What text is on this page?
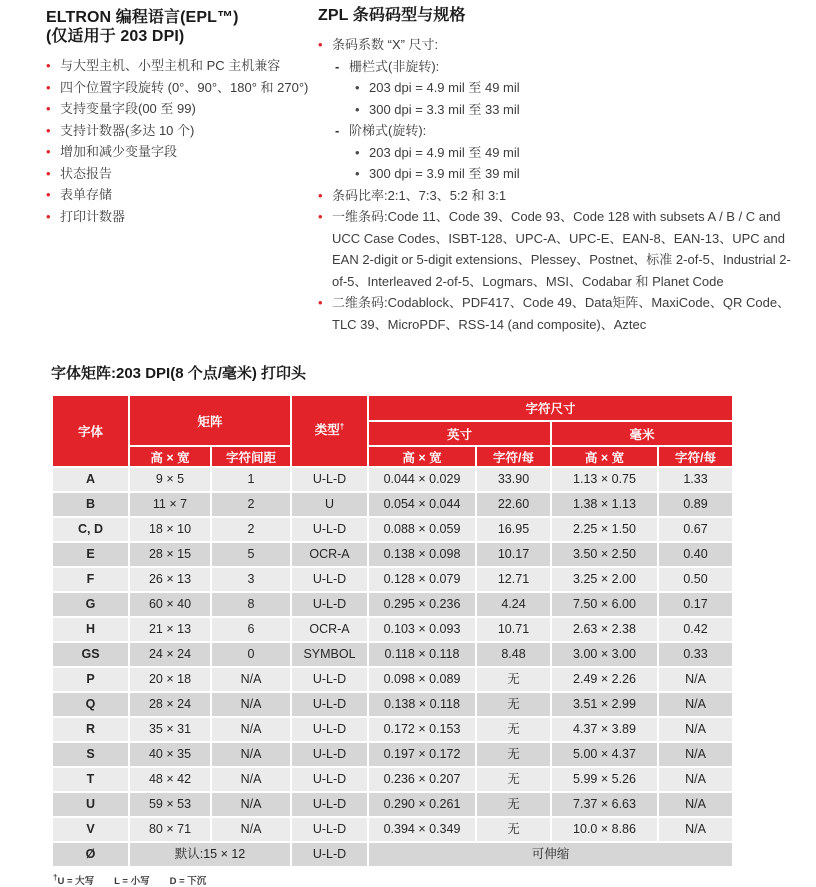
ELTRON 编程语言(EPL™)
(仅适用于 203 DPI)
• 与大型主机、小型主机和 PC 主机兼容
• 四个位置字段旋转 (0°、90°、180° 和 270°)
• 支持变量字段(00 至 99)
• 支持计数器(多达 10 个)
• 增加和减少变量字段
• 状态报告
• 表单存储
• 打印计数器
ZPL 条码码型与规格
• 条码系数 “X” 尺寸:
- 栅栏式(非旋转):
• 203 dpi = 4.9 mil 至 49 mil
• 300 dpi = 3.3 mil 至 33 mil
- 阶梯式(旋转):
• 203 dpi = 4.9 mil 至 49 mil
• 300 dpi = 3.9 mil 至 39 mil
• 条码比率:2:1、7:3、5:2 和 3:1
• 一维条码:Code 11、Code 39、Code 93、Code 128 with subsets A / B / C and UCC Case Codes、ISBT-128、UPC-A、UPC-E、EAN-8、EAN-13、UPC and EAN 2-digit or 5-digit extensions、Plessey、Postnet、标准 2-of-5、Industrial 2-of-5、Interleaved 2-of-5、Logmars、MSI、Codabar 和 Planet Code
• 二维条码:Codablock、PDF417、Code 49、Data矩阵、MaxiCode、QR Code、TLC 39、MicroPDF、RSS-14 (and composite)、Aztec
字体矩阵:203 DPI(8 个点/毫米) 打印头
字体	矩阵		类型†	字符尺寸			
				英寸		毫米	
	高 × 宽	字符间距		高 × 宽	字符/每	高 × 宽	字符/每
A	9 × 5	1	U-L-D	0.044 × 0.029	33.90	1.13 × 0.75	1.33
B	11 × 7	2	U	0.054 × 0.044	22.60	1.38 × 1.13	0.89
C, D	18 × 10	2	U-L-D	0.088 × 0.059	16.95	2.25 × 1.50	0.67
E	28 × 15	5	OCR-A	0.138 × 0.098	10.17	3.50 × 2.50	0.40
F	26 × 13	3	U-L-D	0.128 × 0.079	12.71	3.25 × 2.00	0.50
G	60 × 40	8	U-L-D	0.295 × 0.236	4.24	7.50 × 6.00	0.17
H	21 × 13	6	OCR-A	0.103 × 0.093	10.71	2.63 × 2.38	0.42
GS	24 × 24	0	SYMBOL	0.118 × 0.118	8.48	3.00 × 3.00	0.33
P	20 × 18	N/A	U-L-D	0.098 × 0.089	无	2.49 × 2.26	N/A
Q	28 × 24	N/A	U-L-D	0.138 × 0.118	无	3.51 × 2.99	N/A
R	35 × 31	N/A	U-L-D	0.172 × 0.153	无	4.37 × 3.89	N/A
S	40 × 35	N/A	U-L-D	0.197 × 0.172	无	5.00 × 4.37	N/A
T	48 × 42	N/A	U-L-D	0.236 × 0.207	无	5.99 × 5.26	N/A
U	59 × 53	N/A	U-L-D	0.290 × 0.261	无	7.37 × 6.63	N/A
V	80 × 71	N/A	U-L-D	0.394 × 0.349	无	10.0 × 8.86	N/A
Ø	默认:15 × 12		U-L-D	可伸缩			
†U = 大写 L = 小写 D = 下沉
